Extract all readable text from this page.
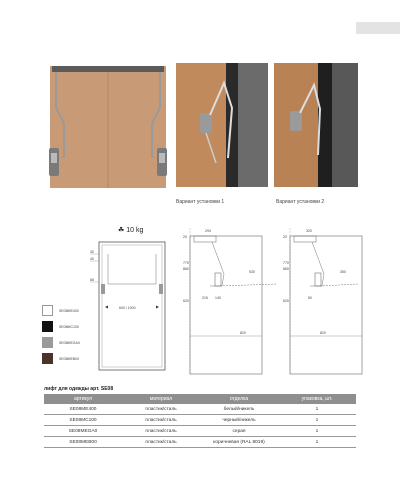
Вариант установки 1	Вариант установки 2
☘ 10 kg
30
40
66
600 / 1000
294
20
770
860
620
215 140
530
820
320
20
770
860
620
50
350
820
SE08ME400
SE08MC100
SE08MEGA0
SE08MEB00
лифт для одежды арт. SE08
артикул	материал	отделка	упаковка, шт.
SE08ME400	пластик/сталь	белый/никель	1
SE08MC100	пластик/сталь	черный/никель	1
SE08MEGA0	пластик/сталь	серая	1
SE08MEB00	пластик/сталь	коричневая (RAL 8019)	1
